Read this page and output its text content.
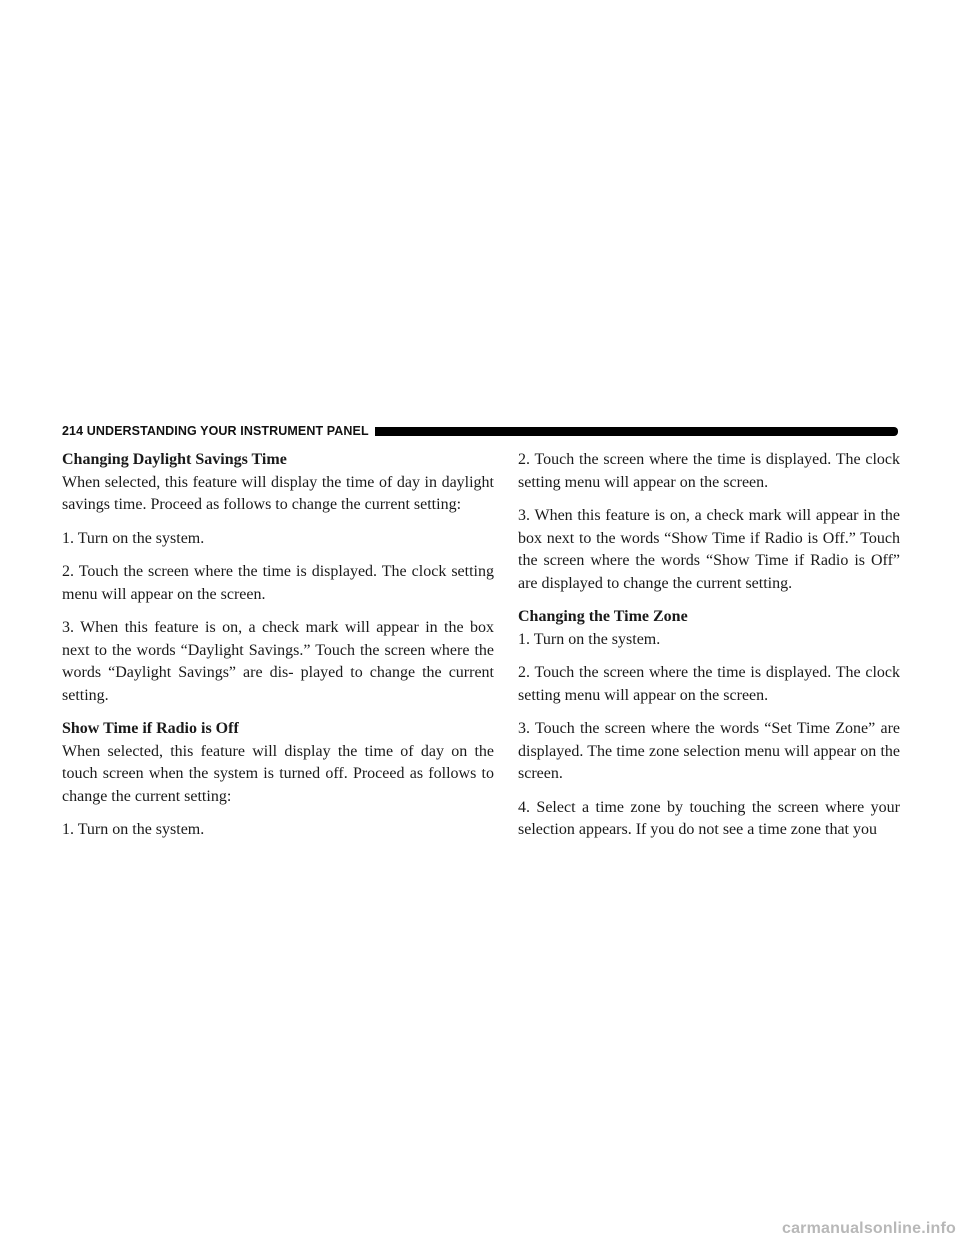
214 UNDERSTANDING YOUR INSTRUMENT PANEL
Changing Daylight Savings Time

When selected, this feature will display the time of day in daylight savings time. Proceed as follows to change the current setting:

1. Turn on the system.

2. Touch the screen where the time is displayed. The clock setting menu will appear on the screen.

3. When this feature is on, a check mark will appear in the box next to the words “Daylight Savings.” Touch the screen where the words “Daylight Savings” are dis- played to change the current setting.

Show Time if Radio is Off

When selected, this feature will display the time of day on the touch screen when the system is turned off. Proceed as follows to change the current setting:

1. Turn on the system.

2. Touch the screen where the time is displayed. The clock setting menu will appear on the screen.

3. When this feature is on, a check mark will appear in the box next to the words “Show Time if Radio is Off.” Touch the screen where the words “Show Time if Radio is Off” are displayed to change the current setting.

Changing the Time Zone

1. Turn on the system.

2. Touch the screen where the time is displayed. The clock setting menu will appear on the screen.

3. Touch the screen where the words “Set Time Zone” are displayed. The time zone selection menu will appear on the screen.

4. Select a time zone by touching the screen where your selection appears. If you do not see a time zone that you

carmanualsonline.info
